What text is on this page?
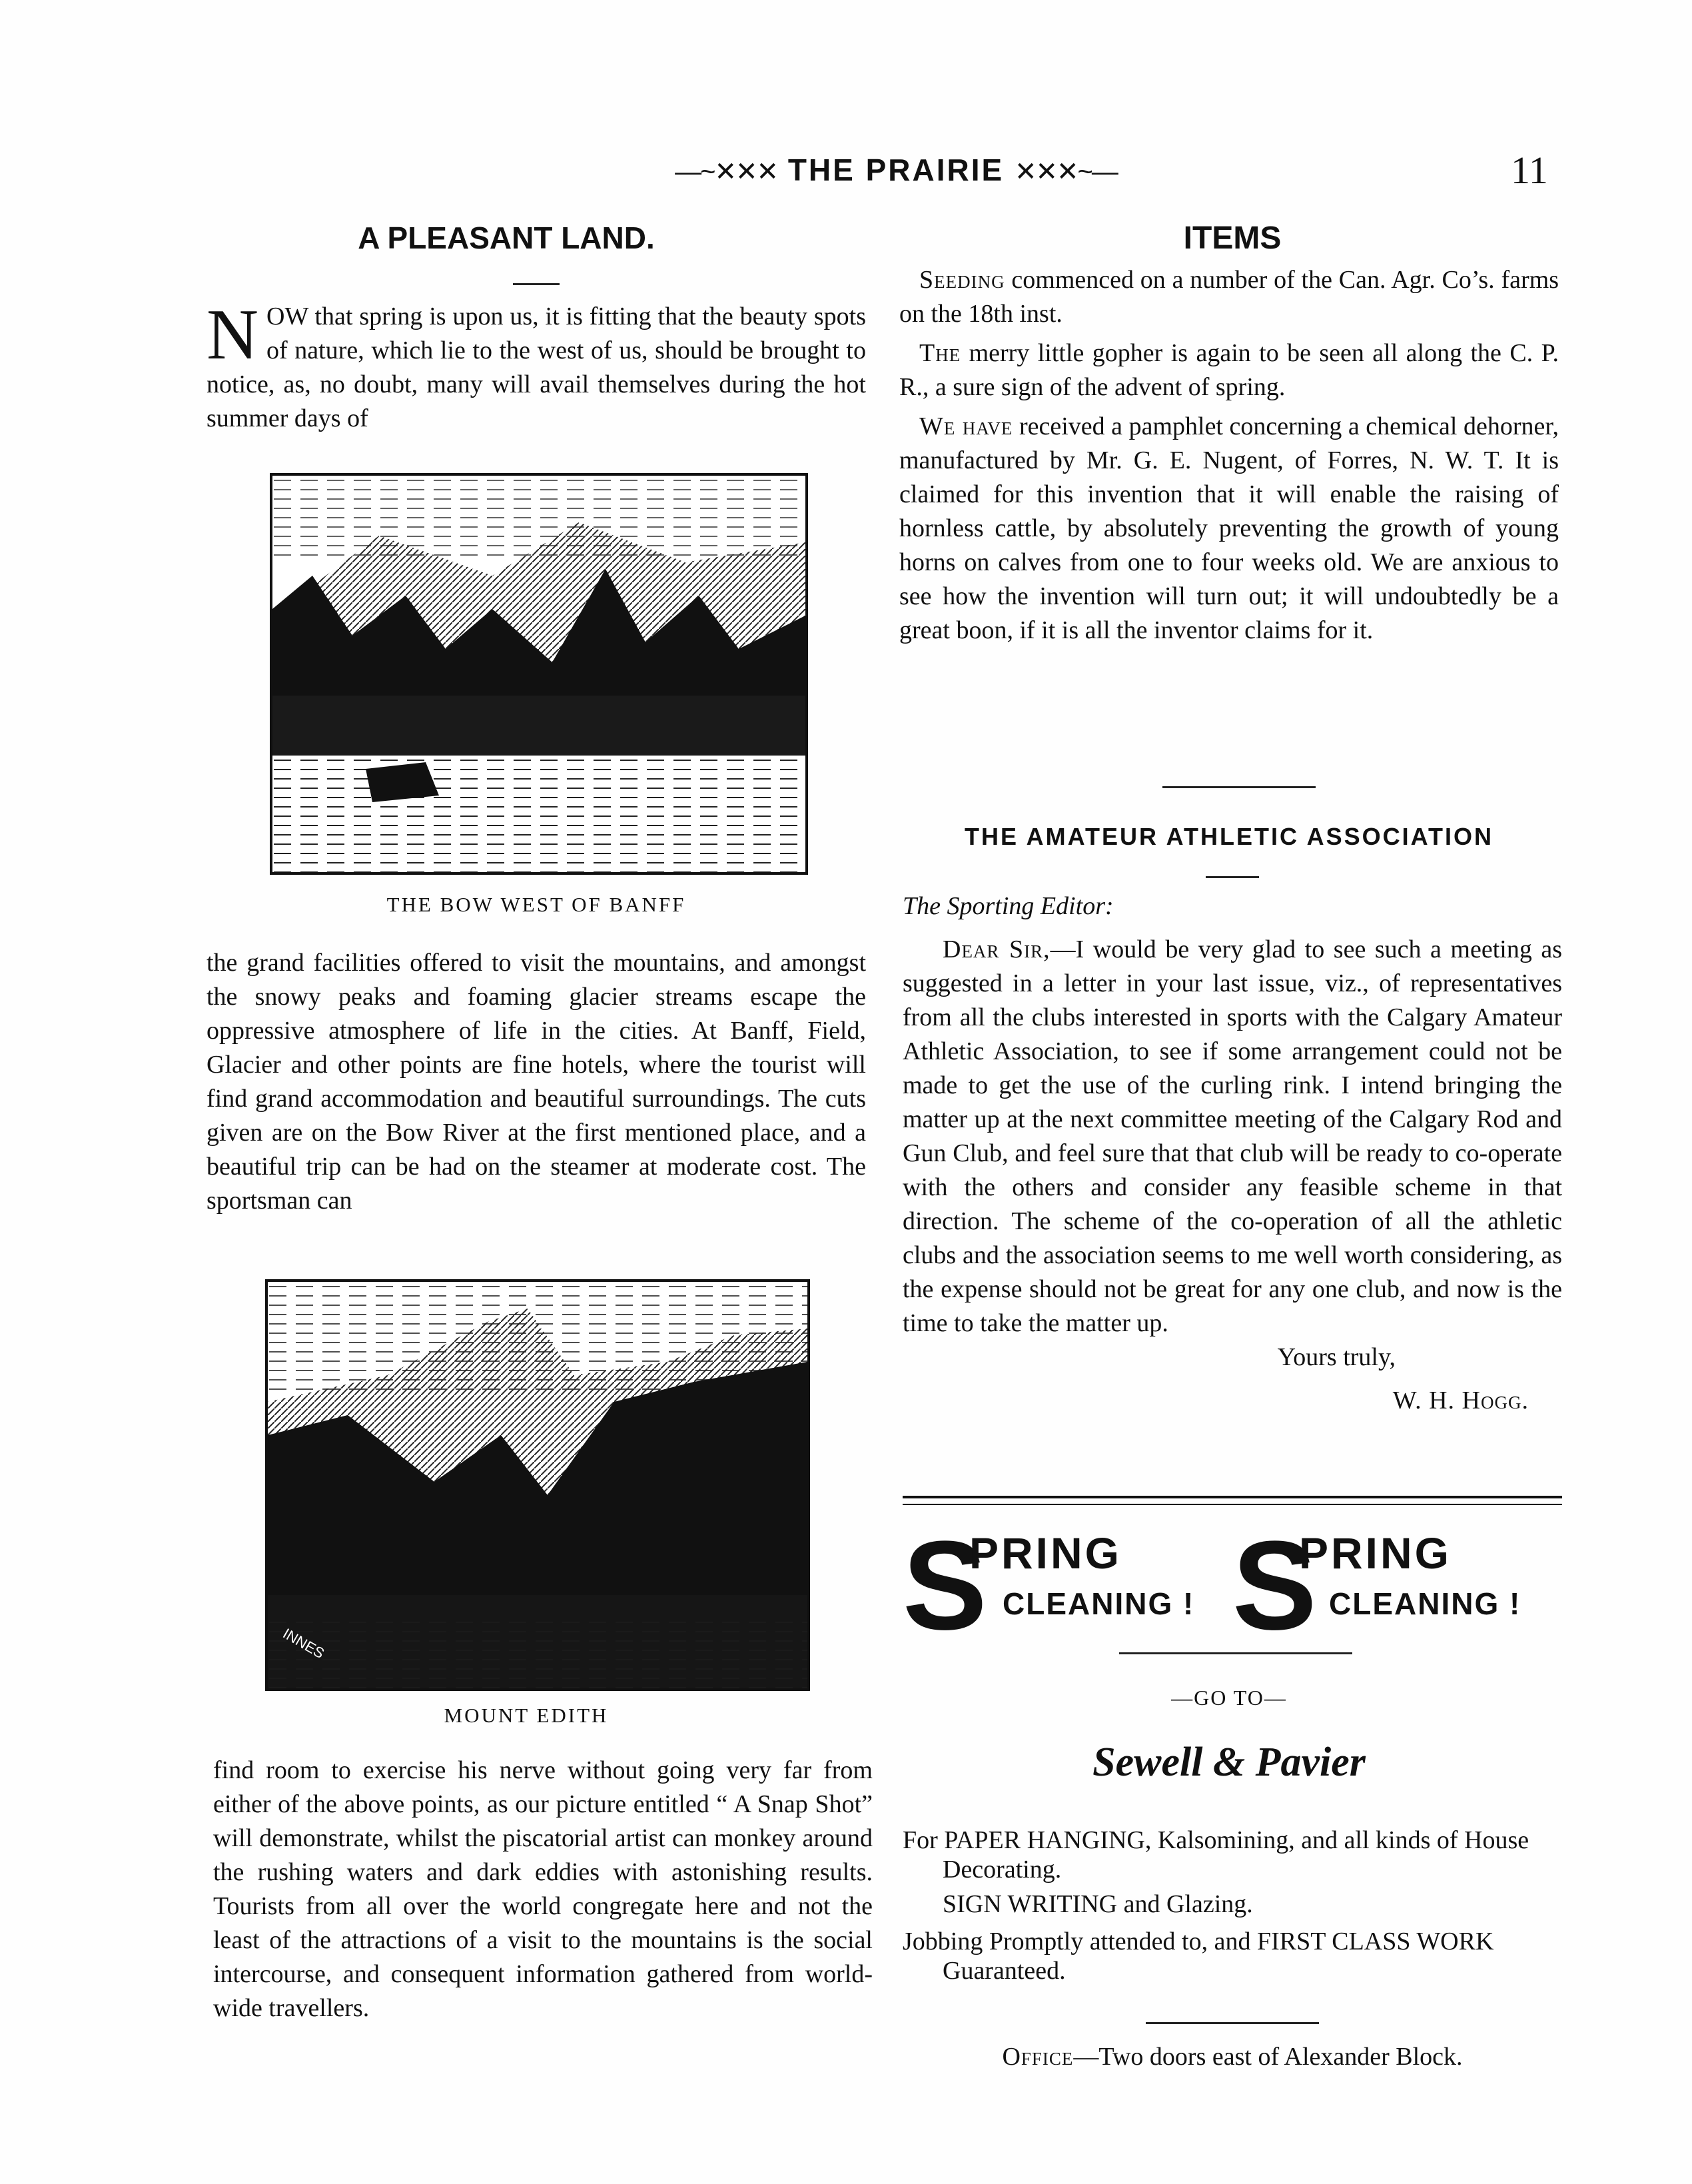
—~✕✕✕ THE PRAIRIE ✕✕✕~—	11
A PLEASANT LAND.

NOW that spring is upon us, it is fitting that the beauty spots of nature, which lie to the west of us, should be brought to notice, as, no doubt, many will avail themselves during the hot summer days of

THE BOW WEST OF BANFF

the grand facilities offered to visit the mountains, and amongst the snowy peaks and foaming glacier streams escape the oppressive atmosphere of life in the cities. At Banff, Field, Glacier and other points are fine hotels, where the tourist will find grand accommodation and beautiful surroundings. The cuts given are on the Bow River at the first mentioned place, and a beautiful trip can be had on the steamer at moderate cost. The sportsman can

INNES
MOUNT EDITH

find room to exercise his nerve without going very far from either of the above points, as our picture entitled “ A Snap Shot” will demonstrate, whilst the piscatorial artist can monkey around the rushing waters and dark eddies with astonishing results. Tourists from all over the world congregate here and not the least of the attractions of a visit to the mountains is the social intercourse, and consequent information gathered from world-wide travellers.

ITEMS

Seeding commenced on a number of the Can. Agr. Co’s. farms on the 18th inst.

The merry little gopher is again to be seen all along the C. P. R., a sure sign of the advent of spring.

We have received a pamphlet concerning a chemical dehorner, manufactured by Mr. G. E. Nugent, of Forres, N. W. T. It is claimed for this invention that it will enable the raising of hornless cattle, by absolutely preventing the growth of young horns on calves from one to four weeks old. We are anxious to see how the invention will turn out; it will undoubtedly be a great boon, if it is all the inventor claims for it.

THE AMATEUR ATHLETIC ASSOCIATION

The Sporting Editor:

Dear Sir,—I would be very glad to see such a meeting as suggested in a letter in your last issue, viz., of representatives from all the clubs interested in sports with the Calgary Amateur Athletic Association, to see if some arrangement could not be made to get the use of the curling rink. I intend bringing the matter up at the next committee meeting of the Calgary Rod and Gun Club, and feel sure that that club will be ready to co-operate with the others and consider any feasible scheme in that direction. The scheme of the co-operation of all the athletic clubs and the association seems to me well worth considering, as the expense should not be great for any one club, and now is the time to take the matter up.

Yours truly,

W. H. Hogg.

S
PRING
CLEANING ! S
PRING
CLEANING !
—GO TO—
Sewell & Pavier

For PAPER HANGING, Kalsomining, and all kinds of House Decorating.

SIGN WRITING and Glazing.

Jobbing Promptly attended to, and FIRST CLASS WORK Guaranteed.

Office—Two doors east of Alexander Block.
